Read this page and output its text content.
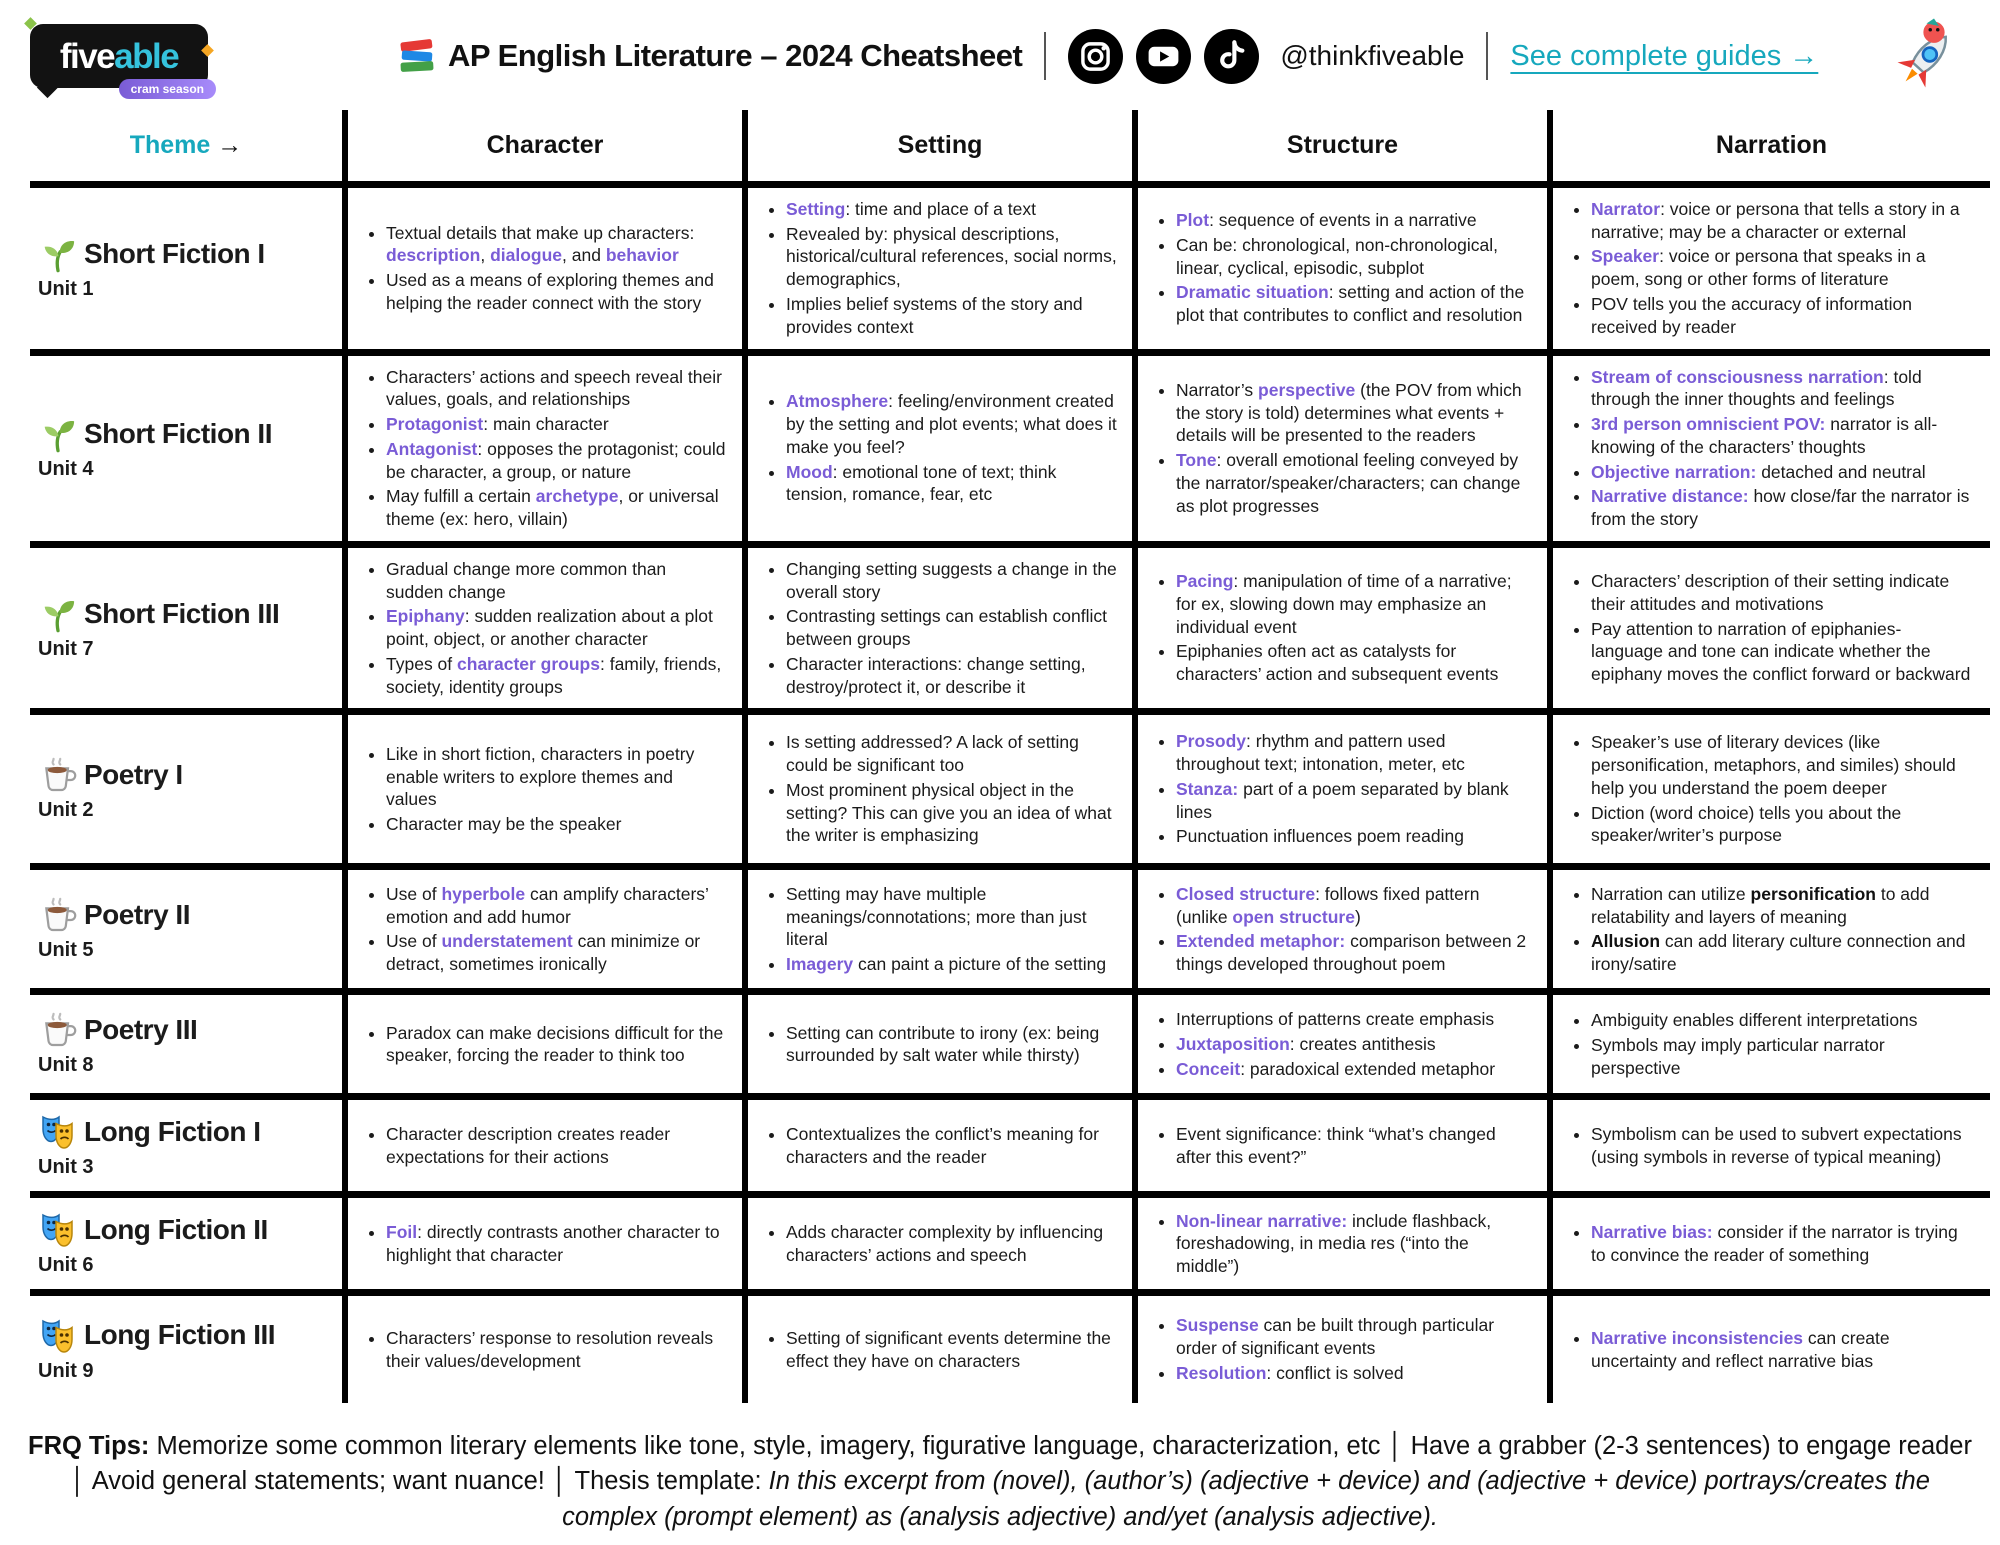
fiveable
cram season
AP English Literature – 2024 Cheatsheet	@thinkfiveable See complete guides →
Theme →	Character	Setting	Structure	Narration

Short Fiction I
Unit 1

• Textual details that make up characters: description, dialogue, and behavior
• Used as a means of exploring themes and helping the reader connect with the story

• Setting: time and place of a text
• Revealed by: physical descriptions, historical/cultural references, social norms, demographics,
• Implies belief systems of the story and provides context

• Plot: sequence of events in a narrative
• Can be: chronological, non-chronological, linear, cyclical, episodic, subplot
• Dramatic situation: setting and action of the plot that contributes to conflict and resolution

• Narrator: voice or persona that tells a story in a narrative; may be a character or external
• Speaker: voice or persona that speaks in a poem, song or other forms of literature
• POV tells you the accuracy of information received by reader

Short Fiction II
Unit 4

• Characters’ actions and speech reveal their values, goals, and relationships
• Protagonist: main character
• Antagonist: opposes the protagonist; could be character, a group, or nature
• May fulfill a certain archetype, or universal theme (ex: hero, villain)

• Atmosphere: feeling/environment created by the setting and plot events; what does it make you feel?
• Mood: emotional tone of text; think tension, romance, fear, etc

• Narrator’s perspective (the POV from which the story is told) determines what events + details will be presented to the readers
• Tone: overall emotional feeling conveyed by the narrator/speaker/characters; can change as plot progresses

• Stream of consciousness narration: told through the inner thoughts and feelings
• 3rd person omniscient POV: narrator is all-knowing of the characters’ thoughts
• Objective narration: detached and neutral
• Narrative distance: how close/far the narrator is from the story

Short Fiction III
Unit 7

• Gradual change more common than sudden change
• Epiphany: sudden realization about a plot point, object, or another character
• Types of character groups: family, friends, society, identity groups

• Changing setting suggests a change in the overall story
• Contrasting settings can establish conflict between groups
• Character interactions: change setting, destroy/protect it, or describe it

• Pacing: manipulation of time of a narrative; for ex, slowing down may emphasize an individual event
• Epiphanies often act as catalysts for characters’ action and subsequent events

• Characters’ description of their setting indicate their attitudes and motivations
• Pay attention to narration of epiphanies- language and tone can indicate whether the epiphany moves the conflict forward or backward

Poetry I
Unit 2

• Like in short fiction, characters in poetry enable writers to explore themes and values
• Character may be the speaker

• Is setting addressed? A lack of setting could be significant too
• Most prominent physical object in the setting? This can give you an idea of what the writer is emphasizing

• Prosody: rhythm and pattern used throughout text; intonation, meter, etc
• Stanza: part of a poem separated by blank lines
• Punctuation influences poem reading

• Speaker’s use of literary devices (like personification, metaphors, and similes) should help you understand the poem deeper
• Diction (word choice) tells you about the speaker/writer’s purpose

Poetry II
Unit 5

• Use of hyperbole can amplify characters’ emotion and add humor
• Use of understatement can minimize or detract, sometimes ironically

• Setting may have multiple meanings/connotations; more than just literal
• Imagery can paint a picture of the setting

• Closed structure: follows fixed pattern (unlike open structure)
• Extended metaphor: comparison between 2 things developed throughout poem

• Narration can utilize personification to add relatability and layers of meaning
• Allusion can add literary culture connection and irony/satire

Poetry III
Unit 8

• Paradox can make decisions difficult for the speaker, forcing the reader to think too

• Setting can contribute to irony (ex: being surrounded by salt water while thirsty)

• Interruptions of patterns create emphasis
• Juxtaposition: creates antithesis
• Conceit: paradoxical extended metaphor

• Ambiguity enables different interpretations
• Symbols may imply particular narrator perspective

Long Fiction I
Unit 3

• Character description creates reader expectations for their actions

• Contextualizes the conflict’s meaning for characters and the reader

• Event significance: think “what’s changed after this event?”

• Symbolism can be used to subvert expectations (using symbols in reverse of typical meaning)

Long Fiction II
Unit 6

• Foil: directly contrasts another character to highlight that character

• Adds character complexity by influencing characters’ actions and speech

• Non-linear narrative: include flashback, foreshadowing, in media res (“into the middle”)

• Narrative bias: consider if the narrator is trying to convince the reader of something

Long Fiction III
Unit 9

• Characters’ response to resolution reveals their values/development

• Setting of significant events determine the effect they have on characters

• Suspense can be built through particular order of significant events
• Resolution: conflict is solved

• Narrative inconsistencies can create uncertainty and reflect narrative bias

FRQ Tips: Memorize some common literary elements like tone, style, imagery, figurative language, characterization, etc │ Have a grabber (2-3 sentences) to engage reader │ Avoid general statements; want nuance! │ Thesis template: In this excerpt from (novel), (author’s) (adjective + device) and (adjective + device) portrays/creates the complex (prompt element) as (analysis adjective) and/yet (analysis adjective).
